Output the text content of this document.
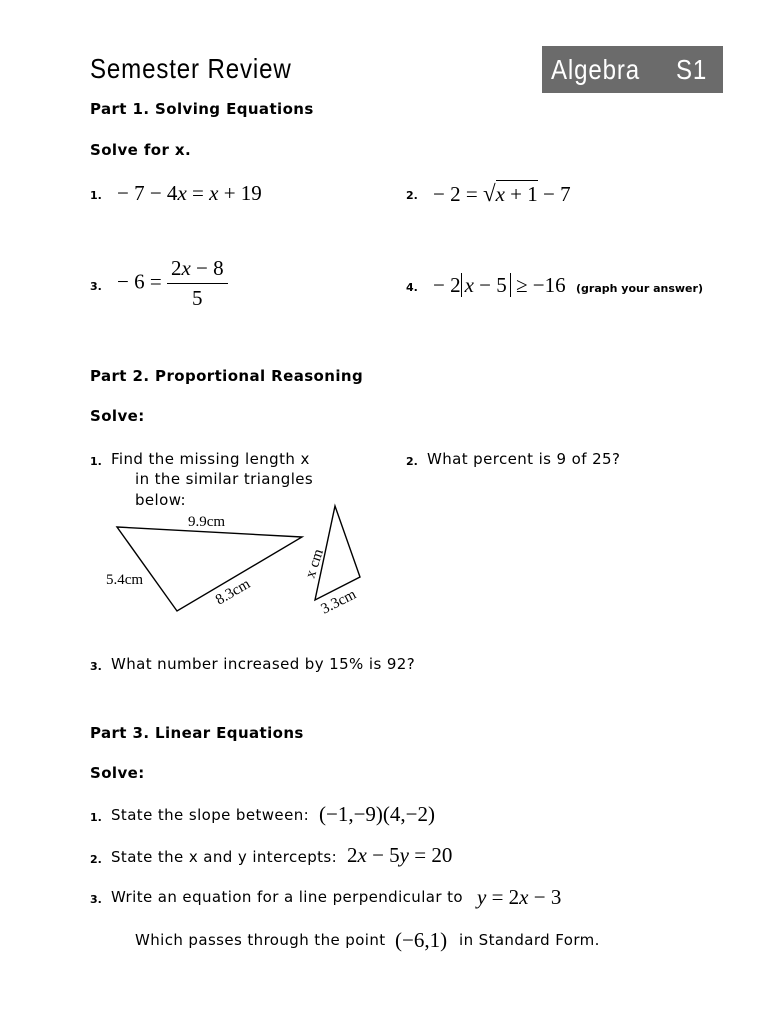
Semester Review	Algebra S1
Part 1. Solving Equations
Solve for x.
1. − 7 − 4x = x + 19	2. − 2 = √x + 1 − 7
3. − $6 = \frac{2x - 8}{5}$	4. − 2 x − 5 ≥ −16 (graph your answer)
Part 2. Proportional Reasoning
Solve:
1. Find the missing length x
in the similar triangles
below:
2. What percent is 9 of 25?
9.9cm
5.4cm	8.3cm
x cm
3.3cm
3. What number increased by 15% is 92?
Part 3. Linear Equations
Solve:
1. State the slope between: (−1,−9)(4,−2)
2. State the x and y intercepts: 2x − 5y = 20
3. Write an equation for a line perpendicular to y = 2x − 3
Which passes through the point (−6,1) in Standard Form.
